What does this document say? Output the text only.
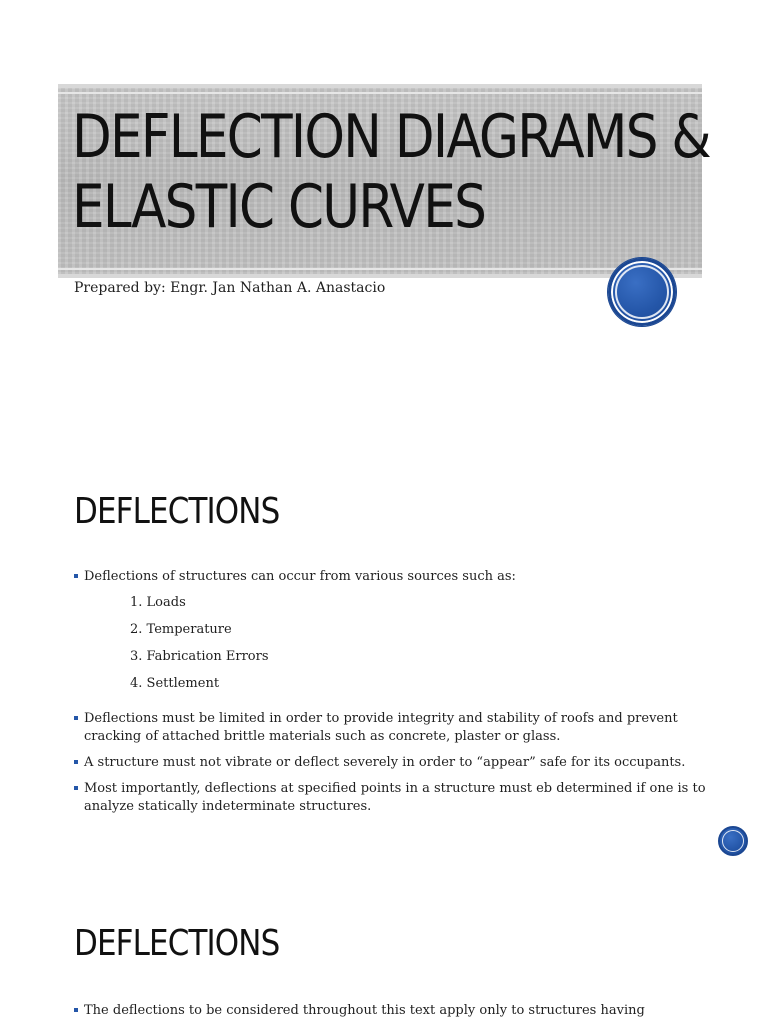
DEFLECTION DIAGRAMS &
ELASTIC CURVES
Prepared by: Engr. Jan Nathan A. Anastacio
DEFLECTIONS
Deflections of structures can occur from various sources such as:
1. Loads
2. Temperature
3. Fabrication Errors
4. Settlement
Deflections must be limited in order to provide integrity and stability of roofs and prevent cracking of attached brittle materials such as concrete, plaster or glass.
A structure must not vibrate or deflect severely in order to “appear” safe for its occupants.
Most importantly, deflections at specified points in a structure must eb determined if one is to analyze statically indeterminate structures.
DEFLECTIONS
The deflections to be considered throughout this text apply only to structures having
